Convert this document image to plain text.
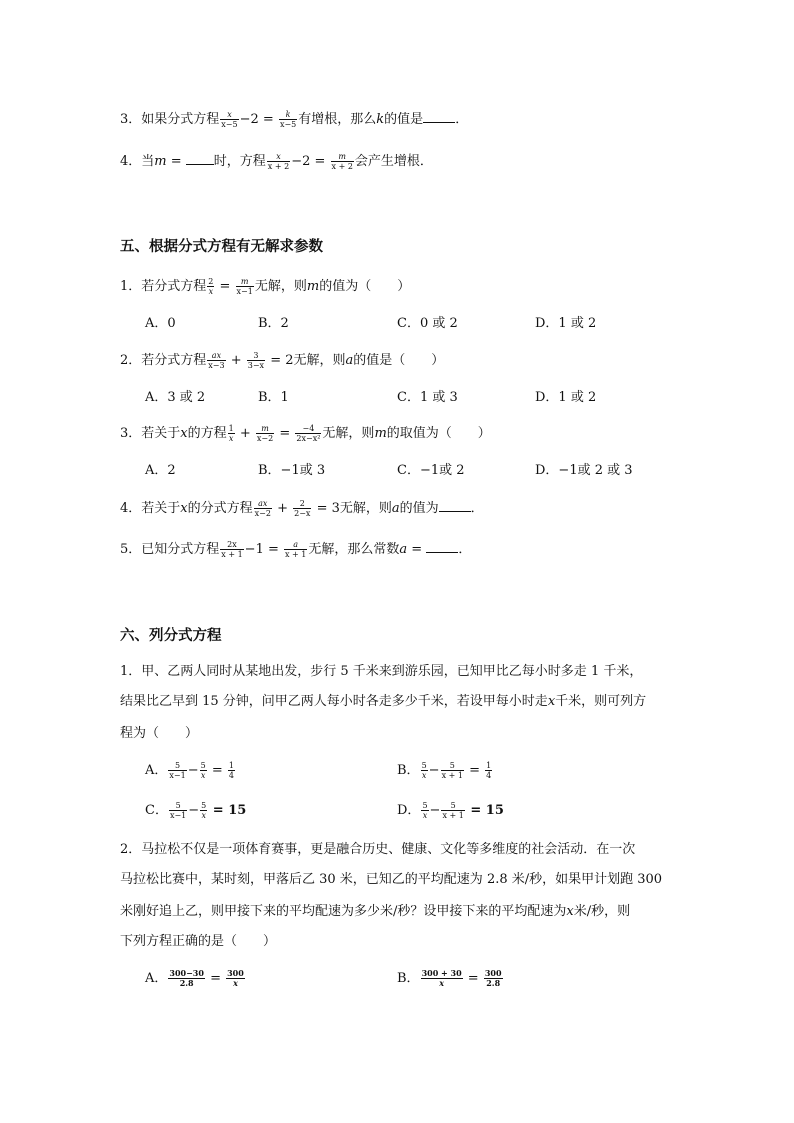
3．如果分式方程 $\frac{x}{x-5} -2 = \frac{k}{x-5}$ 有增根，那么k的值是 ．
4．当m = 时，方程 $\frac{x}{x + 2} -2 = \frac{m}{x + 2}$ 会产生增根．
五、根据分式方程有无解求参数
1．若分式方程 $\frac{2}{x} = \frac{m}{x-1}$ 无解，则m的值为（　　）
A．0	B．2	C．0 或 2	D．1 或 2
2．若分式方程 $\frac{ax}{x-3} + \frac{3}{3-x} = 2$无解，则a的值是（　　）
A．3 或 2	B．1	C．1 或 3	D．1 或 2
3．若关于x的方程 $\frac{1}{x} + \frac{m}{x-2} = \frac{-4}{\text{2x−x²}}$ 无解，则m的取值为（　　）
A．2	B．−1或 3	C．−1或 2	D．−1或 2 或 3
4．若关于x的分式方程 $\frac{ax}{x-2} + \frac{2}{2-x} = 3$无解，则a的值为 ．
5．已知分式方程 $\frac{2x}{x + 1} -1 = \frac{a}{x + 1}$ 无解，那么常数a = ．
六、列分式方程
1．甲、乙两人同时从某地出发，步行 5 千米来到游乐园，已知甲比乙每小时多走 1 千米，
结果比乙早到 15 分钟，问甲乙两人每小时各走多少千米，若设甲每小时走x千米，则可列方
程为（　　）
A． $\frac{5}{x-1} - \frac{5}{x} = \frac{1}{4}$	B． $\frac{5}{x} - \frac{5}{x + 1} = \frac{1}{4}$
C． $\frac{5}{x-1} - \frac{5}{x} = 15$	D． $\frac{5}{x} - \frac{5}{x + 1} = 15$
2．马拉松不仅是一项体育赛事，更是融合历史、健康、文化等多维度的社会活动．在一次
马拉松比赛中，某时刻，甲落后乙 30 米，已知乙的平均配速为 2.8 米/秒，如果甲计划跑 300
米刚好追上乙，则甲接下来的平均配速为多少米/秒？设甲接下来的平均配速为x米/秒，则
下列方程正确的是（　　）
A． $\frac{300-30}{2.8} = \frac{300}{x}$	B． $\frac{300 + 30}{x} = \frac{300}{2.8}$
